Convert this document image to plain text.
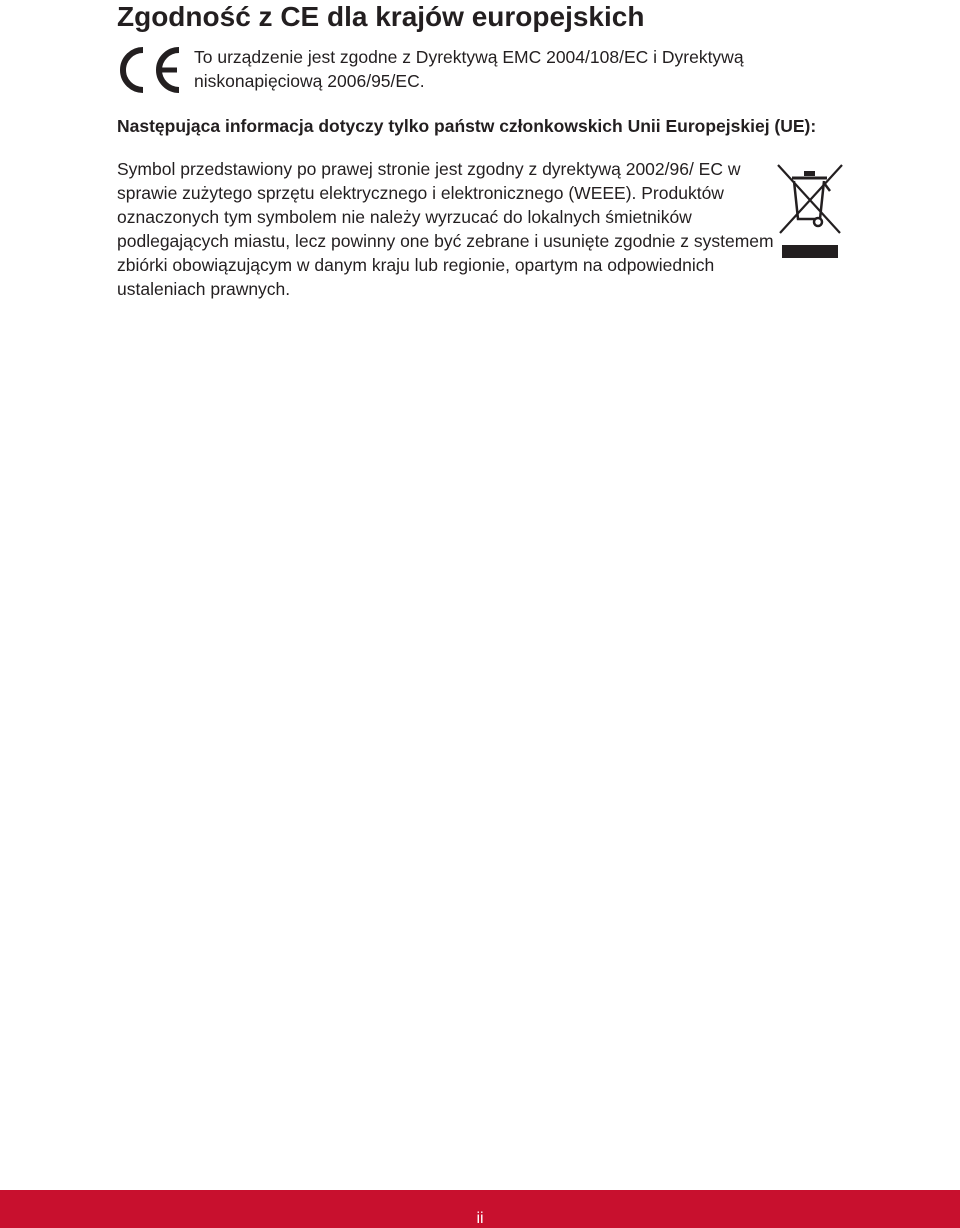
Zgodność z CE dla krajów europejskich

To urządzenie jest zgodne z Dyrektywą EMC 2004/108/EC i Dyrektywą niskonapięciową 2006/95/EC.

Następująca informacja dotyczy tylko państw członkowskich Unii Europejskiej (UE):

Symbol przedstawiony po prawej stronie jest zgodny z dyrektywą 2002/96/ EC w sprawie zużytego sprzętu elektrycznego i elektronicznego (WEEE). Produktów oznaczonych tym symbolem nie należy wyrzucać do lokalnych śmietników podlegających miastu, lecz powinny one być zebrane i usunięte zgodnie z systemem zbiórki obowiązującym w danym kraju lub regionie, opartym na odpowiednich ustaleniach prawnych.

ii
